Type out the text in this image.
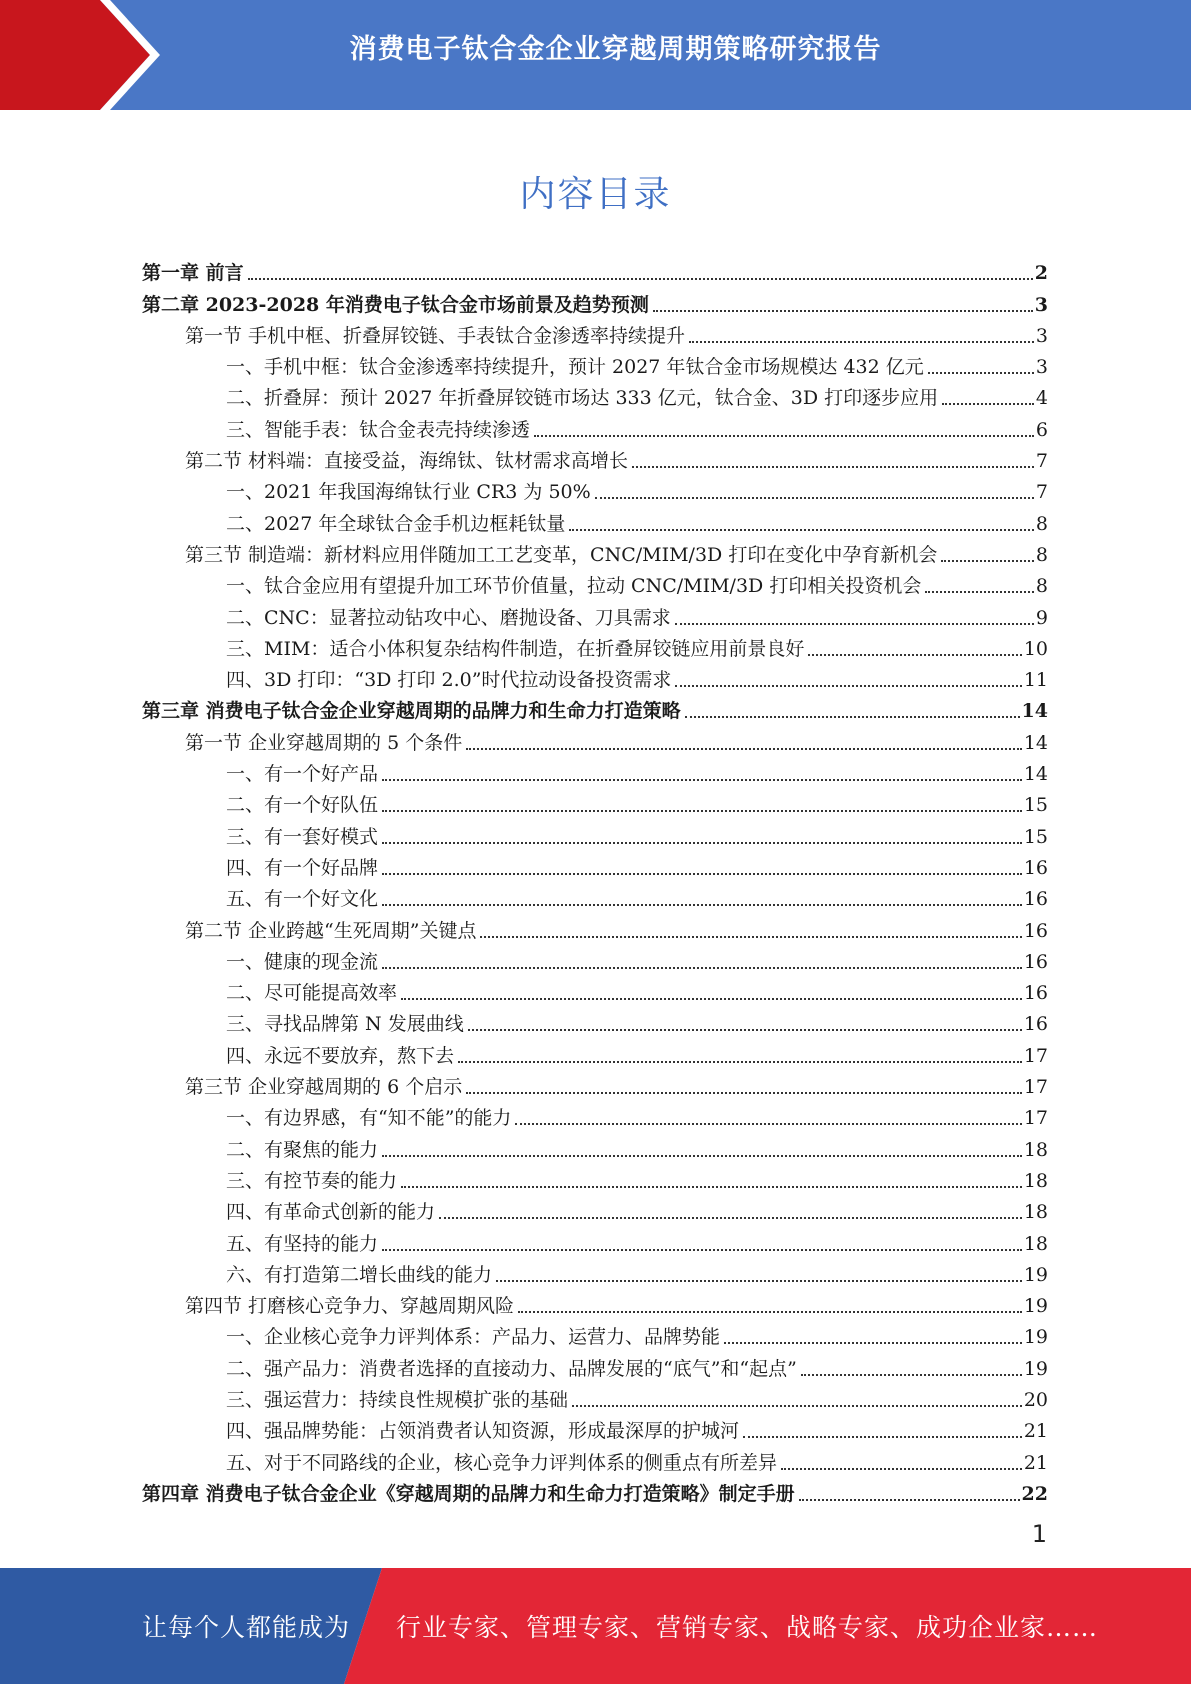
消费电子钛合金企业穿越周期策略研究报告
内容目录
第一章 前言	2
第二章 2023-2028 年消费电子钛合金市场前景及趋势预测	3
第一节 手机中框、折叠屏铰链、手表钛合金渗透率持续提升	3
一、手机中框：钛合金渗透率持续提升，预计 2027 年钛合金市场规模达 432 亿元	3
二、折叠屏：预计 2027 年折叠屏铰链市场达 333 亿元，钛合金、3D 打印逐步应用	4
三、智能手表：钛合金表壳持续渗透	6
第二节 材料端：直接受益，海绵钛、钛材需求高增长	7
一、2021 年我国海绵钛行业 CR3 为 50%	7
二、2027 年全球钛合金手机边框耗钛量	8
第三节 制造端：新材料应用伴随加工工艺变革，CNC/MIM/3D 打印在变化中孕育新机会	8
一、钛合金应用有望提升加工环节价值量，拉动 CNC/MIM/3D 打印相关投资机会	8
二、CNC：显著拉动钻攻中心、磨抛设备、刀具需求	9
三、MIM：适合小体积复杂结构件制造，在折叠屏铰链应用前景良好	10
四、3D 打印：“3D 打印 2.0”时代拉动设备投资需求	11
第三章 消费电子钛合金企业穿越周期的品牌力和生命力打造策略	14
第一节 企业穿越周期的 5 个条件	14
一、有一个好产品	14
二、有一个好队伍	15
三、有一套好模式	15
四、有一个好品牌	16
五、有一个好文化	16
第二节 企业跨越“生死周期”关键点	16
一、健康的现金流	16
二、尽可能提高效率	16
三、寻找品牌第 N 发展曲线	16
四、永远不要放弃，熬下去	17
第三节 企业穿越周期的 6 个启示	17
一、有边界感，有“知不能”的能力	17
二、有聚焦的能力	18
三、有控节奏的能力	18
四、有革命式创新的能力	18
五、有坚持的能力	18
六、有打造第二增长曲线的能力	19
第四节 打磨核心竞争力、穿越周期风险	19
一、企业核心竞争力评判体系：产品力、运营力、品牌势能	19
二、强产品力：消费者选择的直接动力、品牌发展的“底气”和“起点”	19
三、强运营力：持续良性规模扩张的基础	20
四、强品牌势能：占领消费者认知资源，形成最深厚的护城河	21
五、对于不同路线的企业，核心竞争力评判体系的侧重点有所差异	21
第四章 消费电子钛合金企业《穿越周期的品牌力和生命力打造策略》制定手册	22
1
让每个人都能成为 行业专家、管理专家、营销专家、战略专家、成功企业家……
